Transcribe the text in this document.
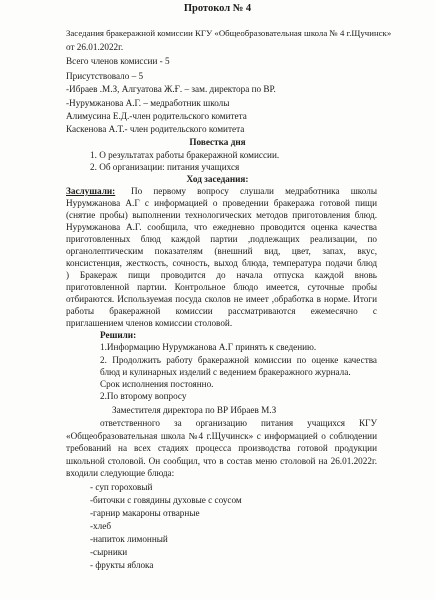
Протокол № 4
Заседания бракеражной комиссии КГУ «Общеобразовательная школа № 4 г.Щучинск»
от 26.01.2022г.
Всего членов комиссии - 5
Присутствовало – 5
-Ибраев .М.З, Алгуатова Ж.Ғ. – зам. директора по ВР.
-Нурумжанова А.Г. – медработник школы
Алимусина Е.Д.-член родительского комитета
Каскенова А.Т.- член родительского комитета
Повестка дня
1. О результатах работы бракеражной комиссии.
2. Об организации: питания учащихся
Ход заседания:
Заслушали: По первому вопросу слушали медработника школы
Нурумжанова А.Г с информацией о проведении бракеража готовой пищи
(снятие пробы) выполнении технологических методов приготовления блюд.
Нурумжанова А.Г. сообщила, что ежедневно проводится оценка качества
приготовленных блюд каждой партии ,подлежащих реализации, по
органолептическим показателям (внешний вид, цвет, запах, вкус,
консистенция, жесткость, сочность, выход блюда, температура подачи блюд
) Бракераж пищи проводится до начала отпуска каждой вновь
приготовленной партии. Контрольное блюдо имеется, суточные пробы
отбираются. Используемая посуда сколов не имеет ,обработка в норме. Итоги
работы бракеражной комиссии рассматриваются ежемесячно с
приглашением членов комиссии столовой.
Решили:
1.Информацию Нурумжанова А.Г принять к сведению.
2. Продолжить работу бракеражной комиссии по оценке качества
блюд и кулинарных изделий с ведением бракеражного журнала.
Срок исполнения постоянно.
2.По второму вопросу
Заместителя директора по ВР Ибраев М.З
ответственного за организацию питания учащихся КГУ
«Общеобразовательная школа №4 г.Щучинск» с информацией о соблюдении
требований на всех стадиях процесса производства готовой продукции
школьной столовой. Он сообщил, что в состав меню столовой на 26.01.2022г.
входили следующие блюда:
- суп гороховый
-биточки с говядины духовые с соусом
-гарнир макароны отварные
-хлеб
-напиток лимонный
-сырники
- фрукты яблока
